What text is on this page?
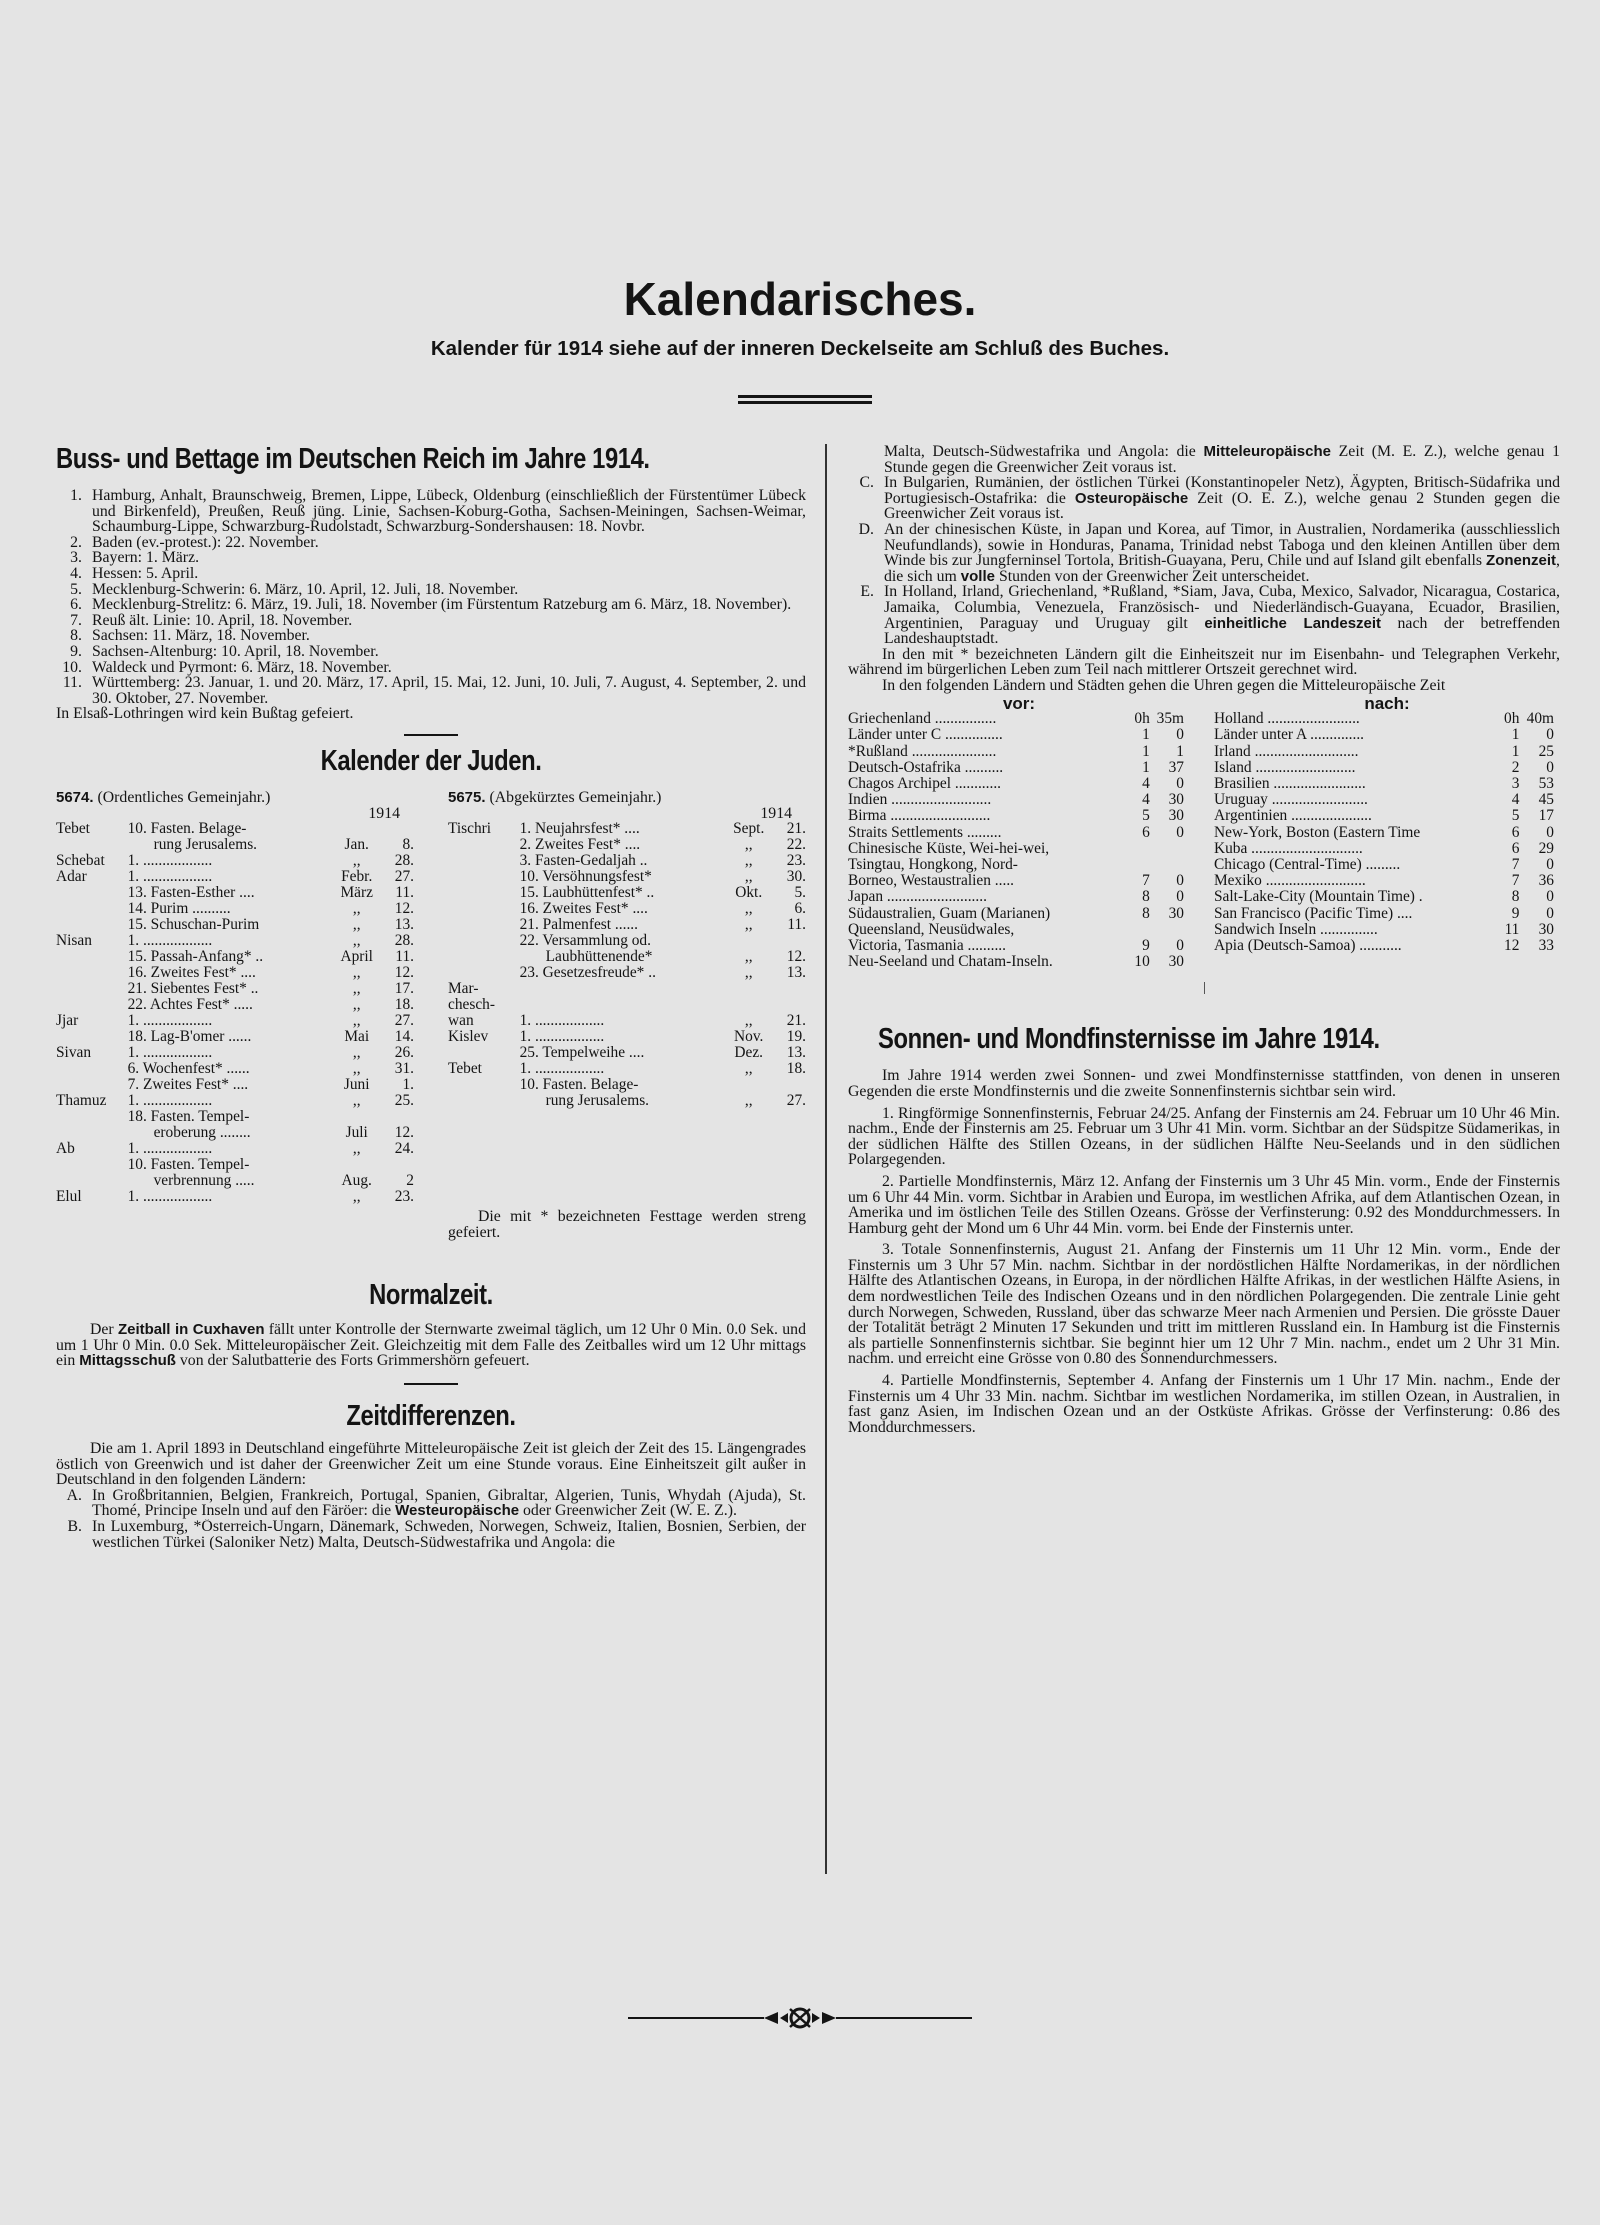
Kalendarisches.
Kalender für 1914 siehe auf der inneren Deckelseite am Schluß des Buches.
Buss- und Bettage im Deutschen Reich im Jahre 1914.
1. Hamburg, Anhalt, Braunschweig, Bremen, Lippe, Lübeck, Oldenburg (einschließlich der Fürstentümer Lübeck und Birkenfeld), Preußen, Reuß jüng. Linie, Sachsen-Koburg-Gotha, Sachsen-Meiningen, Sachsen-Weimar, Schaumburg-Lippe, Schwarzburg-Rudolstadt, Schwarzburg-Sondershausen: 18. Novbr.
2. Baden (ev.-protest.): 22. November.
3. Bayern: 1. März.
4. Hessen: 5. April.
5. Mecklenburg-Schwerin: 6. März, 10. April, 12. Juli, 18. November.
6. Mecklenburg-Strelitz: 6. März, 19. Juli, 18. November (im Fürstentum Ratzeburg am 6. März, 18. November).
7. Reuß ält. Linie: 10. April, 18. November.
8. Sachsen: 11. März, 18. November.
9. Sachsen-Altenburg: 10. April, 18. November.
10. Waldeck und Pyrmont: 6. März, 18. November.
11. Württemberg: 23. Januar, 1. und 20. März, 17. April, 15. Mai, 12. Juni, 10. Juli, 7. August, 4. September, 2. und 30. Oktober, 27. November.
In Elsaß-Lothringen wird kein Bußtag gefeiert.
Kalender der Juden.
5674. (Ordentliches Gemeinjahr.)
1914
Tebet	10. Fasten. Belage-		
	rung Jerusalems.	Jan.	8.
Schebat	1. ..................	,,	28.
Adar	1. ..................	Febr.	27.
	13. Fasten-Esther ....	März	11.
	14. Purim ..........	,,	12.
	15. Schuschan-Purim	,,	13.
Nisan	1. ..................	,,	28.
	15. Passah-Anfang* ..	April	11.
	16. Zweites Fest* ....	,,	12.
	21. Siebentes Fest* ..	,,	17.
	22. Achtes Fest* .....	,,	18.
Jjar	1. ..................	,,	27.
	18. Lag-B'omer ......	Mai	14.
Sivan	1. ..................	,,	26.
	6. Wochenfest* ......	,,	31.
	7. Zweites Fest* ....	Juni	1.
Thamuz	1. ..................	,,	25.
	18. Fasten. Tempel-		
	eroberung ........	Juli	12.
Ab	1. ..................	,,	24.
	10. Fasten. Tempel-		
	verbrennung .....	Aug.	2
Elul	1. ..................	,,	23.
5675. (Abgekürztes Gemeinjahr.)
1914
Tischri	1. Neujahrsfest* ....	Sept.	21.
	2. Zweites Fest* ....	,,	22.
	3. Fasten-Gedaljah ..	,,	23.
	10. Versöhnungsfest*	,,	30.
	15. Laubhüttenfest* ..	Okt.	5.
	16. Zweites Fest* ....	,,	6.
	21. Palmenfest ......	,,	11.
	22. Versammlung od.		
	Laubhüttenende*	,,	12.
	23. Gesetzesfreude* ..	,,	13.
Mar-			
chesch-			
wan	1. ..................	,,	21.
Kislev	1. ..................	Nov.	19.
	25. Tempelweihe ....	Dez.	13.
Tebet	1. ..................	,,	18.
	10. Fasten. Belage-		
	rung Jerusalems.	,,	27.
Die mit * bezeichneten Festtage werden streng gefeiert.
Normalzeit.

Der Zeitball in Cuxhaven fällt unter Kontrolle der Sternwarte zweimal täglich, um 12 Uhr 0 Min. 0.0 Sek. und um 1 Uhr 0 Min. 0.0 Sek. Mitteleuropäischer Zeit. Gleichzeitig mit dem Falle des Zeitballes wird um 12 Uhr mittags ein Mittagsschuß von der Salutbatterie des Forts Grimmershörn gefeuert.

Zeitdifferenzen.

Die am 1. April 1893 in Deutschland eingeführte Mitteleuropäische Zeit ist gleich der Zeit des 15. Längengrades östlich von Greenwich und ist daher der Greenwicher Zeit um eine Stunde voraus. Eine Einheitszeit gilt außer in Deutschland in den folgenden Ländern:

A. In Großbritannien, Belgien, Frankreich, Portugal, Spanien, Gibraltar, Algerien, Tunis, Whydah (Ajuda), St. Thomé, Principe Inseln und auf den Färöer: die Westeuropäische oder Greenwicher Zeit (W. E. Z.).
B. In Luxemburg, *Österreich-Ungarn, Dänemark, Schweden, Norwegen, Schweiz, Italien, Bosnien, Serbien, der westlichen Türkei (Saloniker Netz) Malta, Deutsch-Südwestafrika und Angola: die
Malta, Deutsch-Südwestafrika und Angola: die Mitteleuropäische Zeit (M. E. Z.), welche genau 1 Stunde gegen die Greenwicher Zeit voraus ist.
C. In Bulgarien, Rumänien, der östlichen Türkei (Konstantinopeler Netz), Ägypten, Britisch-Südafrika und Portugiesisch-Ostafrika: die Osteuropäische Zeit (O. E. Z.), welche genau 2 Stunden gegen die Greenwicher Zeit voraus ist.
D. An der chinesischen Küste, in Japan und Korea, auf Timor, in Australien, Nordamerika (ausschliesslich Neufundlands), sowie in Honduras, Panama, Trinidad nebst Taboga und den kleinen Antillen über dem Winde bis zur Jungferninsel Tortola, British-Guayana, Peru, Chile und auf Island gilt ebenfalls Zonenzeit, die sich um volle Stunden von der Greenwicher Zeit unterscheidet.
E. In Holland, Irland, Griechenland, *Rußland, *Siam, Java, Cuba, Mexico, Salvador, Nicaragua, Costarica, Jamaika, Columbia, Venezuela, Französisch- und Niederländisch-Guayana, Ecuador, Brasilien, Argentinien, Paraguay und Uruguay gilt einheitliche Landeszeit nach der betreffenden Landeshauptstadt.

In den mit * bezeichneten Ländern gilt die Einheitszeit nur im Eisenbahn- und Telegraphen Verkehr, während im bürgerlichen Leben zum Teil nach mittlerer Ortszeit gerechnet wird.

In den folgenden Ländern und Städten gehen die Uhren gegen die Mitteleuropäische Zeit

vor:
Griechenland ................	0h	35m
Länder unter C ...............	1	0
*Rußland ......................	1	1
Deutsch-Ostafrika ..........	1	37
Chagos Archipel ............	4	0
Indien ..........................	4	30
Birma ..........................	5	30
Straits Settlements .........	6	0
Chinesische Küste, Wei-hei-wei,		
Tsingtau, Hongkong, Nord-		
Borneo, Westaustralien .....	7	0
Japan ..........................	8	0
Südaustralien, Guam (Marianen)	8	30
Queensland, Neusüdwales,		
Victoria, Tasmania ..........	9	0
Neu-Seeland und Chatam-Inseln.	10	30
nach:
Holland ........................	0h	40m
Länder unter A ..............	1	0
Irland ...........................	1	25
Island ..........................	2	0
Brasilien ........................	3	53
Uruguay .........................	4	45
Argentinien .....................	5	17
New-York, Boston (Eastern Time	6	0
Kuba .............................	6	29
Chicago (Central-Time) .........	7	0
Mexiko ..........................	7	36
Salt-Lake-City (Mountain Time) .	8	0
San Francisco (Pacific Time) ....	9	0
Sandwich Inseln ...............	11	30
Apia (Deutsch-Samoa) ...........	12	33
Sonnen- und Mondfinsternisse im Jahre 1914.

Im Jahre 1914 werden zwei Sonnen- und zwei Mondfinsternisse stattfinden, von denen in unseren Gegenden die erste Mondfinsternis und die zweite Sonnenfinsternis sichtbar sein wird.

1. Ringförmige Sonnenfinsternis, Februar 24/25. Anfang der Finsternis am 24. Februar um 10 Uhr 46 Min. nachm., Ende der Finsternis am 25. Februar um 3 Uhr 41 Min. vorm. Sichtbar an der Südspitze Südamerikas, in der südlichen Hälfte des Stillen Ozeans, in der südlichen Hälfte Neu-Seelands und in den südlichen Polargegenden.

2. Partielle Mondfinsternis, März 12. Anfang der Finsternis um 3 Uhr 45 Min. vorm., Ende der Finsternis um 6 Uhr 44 Min. vorm. Sichtbar in Arabien und Europa, im westlichen Afrika, auf dem Atlantischen Ozean, in Amerika und im östlichen Teile des Stillen Ozeans. Grösse der Verfinsterung: 0.92 des Monddurchmessers. In Hamburg geht der Mond um 6 Uhr 44 Min. vorm. bei Ende der Finsternis unter.

3. Totale Sonnenfinsternis, August 21. Anfang der Finsternis um 11 Uhr 12 Min. vorm., Ende der Finsternis um 3 Uhr 57 Min. nachm. Sichtbar in der nordöstlichen Hälfte Nordamerikas, in der nördlichen Hälfte des Atlantischen Ozeans, in Europa, in der nördlichen Hälfte Afrikas, in der westlichen Hälfte Asiens, in dem nordwestlichen Teile des Indischen Ozeans und in den nördlichen Polargegenden. Die zentrale Linie geht durch Norwegen, Schweden, Russland, über das schwarze Meer nach Armenien und Persien. Die grösste Dauer der Totalität beträgt 2 Minuten 17 Sekunden und tritt im mittleren Russland ein. In Hamburg ist die Finsternis als partielle Sonnenfinsternis sichtbar. Sie beginnt hier um 12 Uhr 7 Min. nachm., endet um 2 Uhr 31 Min. nachm. und erreicht eine Grösse von 0.80 des Sonnendurchmessers.

4. Partielle Mondfinsternis, September 4. Anfang der Finsternis um 1 Uhr 17 Min. nachm., Ende der Finsternis um 4 Uhr 33 Min. nachm. Sichtbar im westlichen Nordamerika, im stillen Ozean, in Australien, in fast ganz Asien, im Indischen Ozean und an der Ostküste Afrikas. Grösse der Verfinsterung: 0.86 des Monddurchmessers.
